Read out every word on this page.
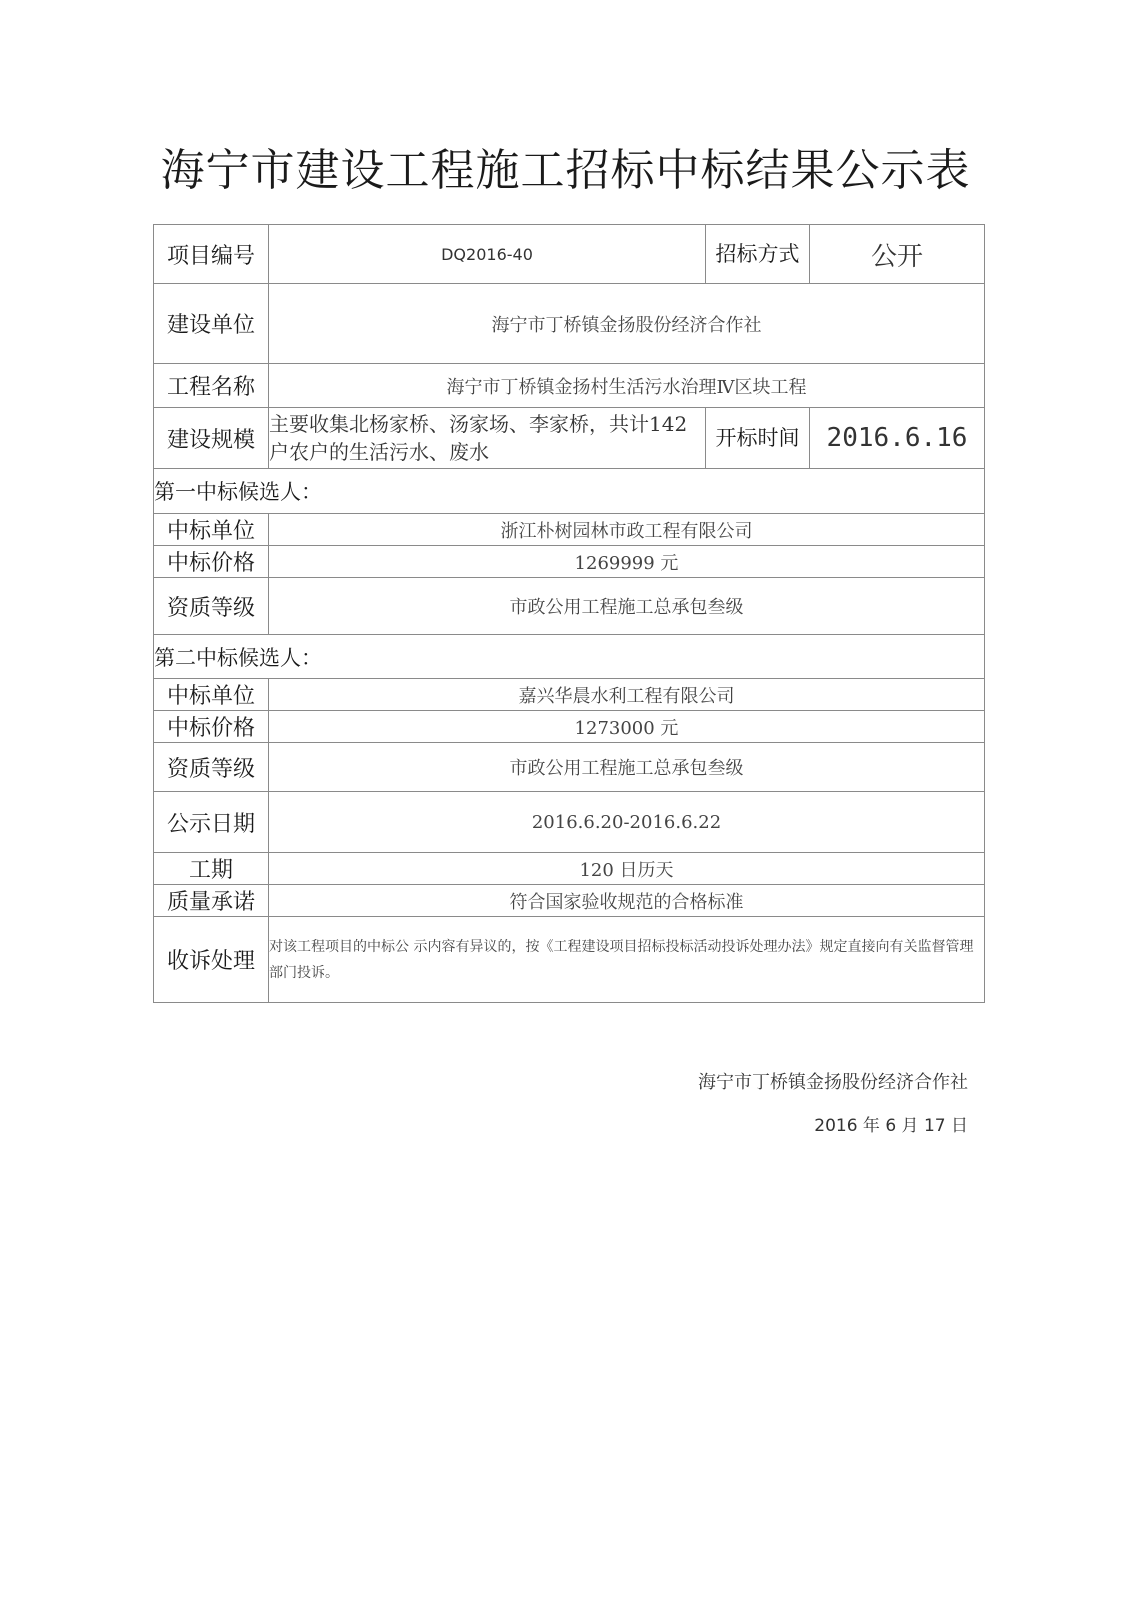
海宁市建设工程施工招标中标结果公示表
项目编号	DQ2016-40	招标方式	公开
建设单位	海宁市丁桥镇金扬股份经济合作社		
工程名称	海宁市丁桥镇金扬村生活污水治理Ⅳ区块工程		
建设规模	主要收集北杨家桥、汤家场、李家桥，共计142户农户的生活污水、废水	开标时间	2016.6.16
第一中标候选人：			
中标单位	浙江朴树园林市政工程有限公司		
中标价格	1269999 元		
资质等级	市政公用工程施工总承包叁级		
第二中标候选人：			
中标单位	嘉兴华晨水利工程有限公司		
中标价格	1273000 元		
资质等级	市政公用工程施工总承包叁级		
公示日期	2016.6.20-2016.6.22		
工期	120 日历天		
质量承诺	符合国家验收规范的合格标准		
收诉处理	对该工程项目的中标公 示内容有异议的，按《工程建设项目招标投标活动投诉处理办法》规定直接向有关监督管理部门投诉。		
海宁市丁桥镇金扬股份经济合作社
2016 年 6 月 17 日
